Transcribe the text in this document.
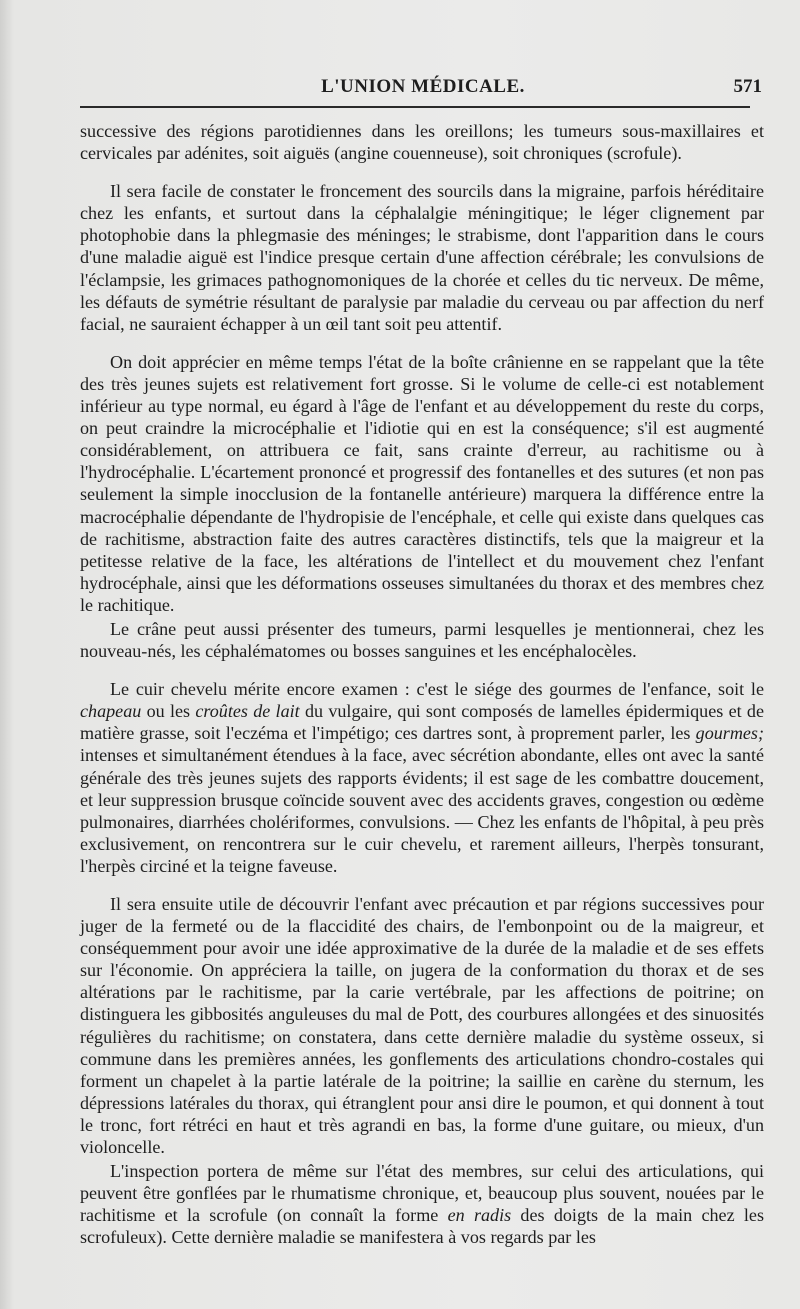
L'UNION MÉDICALE.	571

successive des régions parotidiennes dans les oreillons; les tumeurs sous-maxillaires et cervicales par adénites, soit aiguës (angine couenneuse), soit chroniques (scrofule).

Il sera facile de constater le froncement des sourcils dans la migraine, parfois héréditaire chez les enfants, et surtout dans la céphalalgie méningitique; le léger clignement par photophobie dans la phlegmasie des méninges; le strabisme, dont l'apparition dans le cours d'une maladie aiguë est l'indice presque certain d'une affection cérébrale; les convulsions de l'éclampsie, les grimaces pathognomoniques de la chorée et celles du tic nerveux. De même, les défauts de symétrie résultant de paralysie par maladie du cerveau ou par affection du nerf facial, ne sauraient échapper à un œil tant soit peu attentif.

On doit apprécier en même temps l'état de la boîte crânienne en se rappelant que la tête des très jeunes sujets est relativement fort grosse. Si le volume de celle-ci est notablement inférieur au type normal, eu égard à l'âge de l'enfant et au développement du reste du corps, on peut craindre la microcéphalie et l'idiotie qui en est la conséquence; s'il est augmenté considérablement, on attribuera ce fait, sans crainte d'erreur, au rachitisme ou à l'hydrocéphalie. L'écartement prononcé et progressif des fontanelles et des sutures (et non pas seulement la simple inocclusion de la fontanelle antérieure) marquera la différence entre la macrocéphalie dépendante de l'hydropisie de l'encéphale, et celle qui existe dans quelques cas de rachitisme, abstraction faite des autres caractères distinctifs, tels que la maigreur et la petitesse relative de la face, les altérations de l'intellect et du mouvement chez l'enfant hydrocéphale, ainsi que les déformations osseuses simultanées du thorax et des membres chez le rachitique.

Le crâne peut aussi présenter des tumeurs, parmi lesquelles je mentionnerai, chez les nouveau-nés, les céphalématomes ou bosses sanguines et les encéphalocèles.

Le cuir chevelu mérite encore examen : c'est le siége des gourmes de l'enfance, soit le chapeau ou les croûtes de lait du vulgaire, qui sont composés de lamelles épidermiques et de matière grasse, soit l'eczéma et l'impétigo; ces dartres sont, à proprement parler, les gourmes; intenses et simultanément étendues à la face, avec sécrétion abondante, elles ont avec la santé générale des très jeunes sujets des rapports évidents; il est sage de les combattre doucement, et leur suppression brusque coïncide souvent avec des accidents graves, congestion ou œdème pulmonaires, diarrhées cholériformes, convulsions. — Chez les enfants de l'hôpital, à peu près exclusivement, on rencontrera sur le cuir chevelu, et rarement ailleurs, l'herpès tonsurant, l'herpès circiné et la teigne faveuse.

Il sera ensuite utile de découvrir l'enfant avec précaution et par régions successives pour juger de la fermeté ou de la flaccidité des chairs, de l'embonpoint ou de la maigreur, et conséquemment pour avoir une idée approximative de la durée de la maladie et de ses effets sur l'économie. On appréciera la taille, on jugera de la conformation du thorax et de ses altérations par le rachitisme, par la carie vertébrale, par les affections de poitrine; on distinguera les gibbosités anguleuses du mal de Pott, des courbures allongées et des sinuosités régulières du rachitisme; on constatera, dans cette dernière maladie du système osseux, si commune dans les premières années, les gonflements des articulations chondro-costales qui forment un chapelet à la partie latérale de la poitrine; la saillie en carène du sternum, les dépressions latérales du thorax, qui étranglent pour ansi dire le poumon, et qui donnent à tout le tronc, fort rétréci en haut et très agrandi en bas, la forme d'une guitare, ou mieux, d'un violoncelle.

L'inspection portera de même sur l'état des membres, sur celui des articulations, qui peuvent être gonflées par le rhumatisme chronique, et, beaucoup plus souvent, nouées par le rachitisme et la scrofule (on connaît la forme en radis des doigts de la main chez les scrofuleux). Cette dernière maladie se manifestera à vos regards par les
